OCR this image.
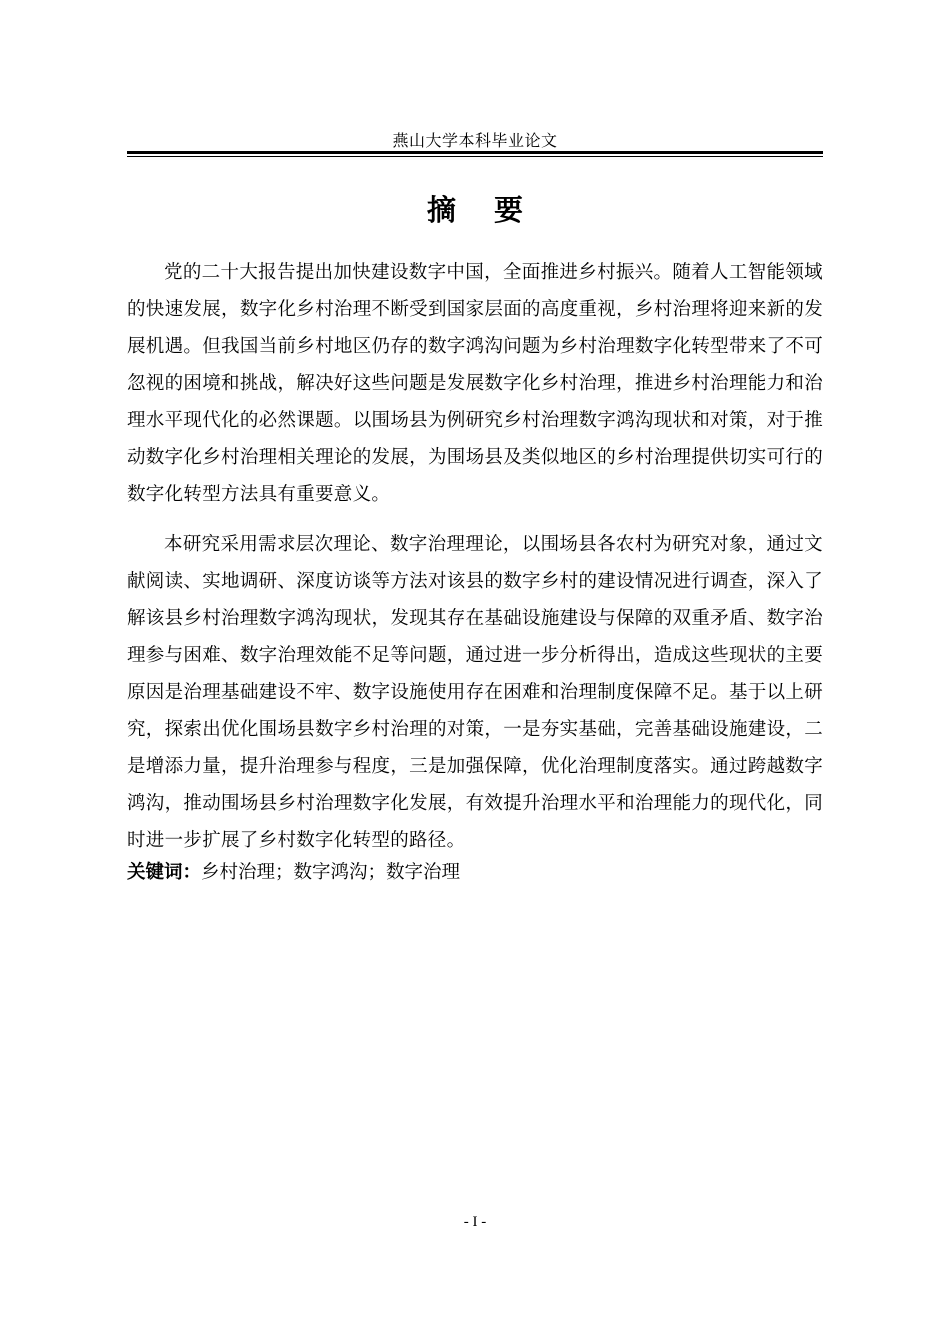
燕山大学本科毕业论文
摘 要

党的二十大报告提出加快建设数字中国，全面推进乡村振兴。随着人工智能领域的快速发展，数字化乡村治理不断受到国家层面的高度重视，乡村治理将迎来新的发展机遇。但我国当前乡村地区仍存的数字鸿沟问题为乡村治理数字化转型带来了不可忽视的困境和挑战，解决好这些问题是发展数字化乡村治理，推进乡村治理能力和治理水平现代化的必然课题。以围场县为例研究乡村治理数字鸿沟现状和对策，对于推动数字化乡村治理相关理论的发展，为围场县及类似地区的乡村治理提供切实可行的数字化转型方法具有重要意义。

本研究采用需求层次理论、数字治理理论，以围场县各农村为研究对象，通过文献阅读、实地调研、深度访谈等方法对该县的数字乡村的建设情况进行调查，深入了解该县乡村治理数字鸿沟现状，发现其存在基础设施建设与保障的双重矛盾、数字治理参与困难、数字治理效能不足等问题，通过进一步分析得出，造成这些现状的主要原因是治理基础建设不牢、数字设施使用存在困难和治理制度保障不足。基于以上研究，探索出优化围场县数字乡村治理的对策，一是夯实基础，完善基础设施建设，二是增添力量，提升治理参与程度，三是加强保障，优化治理制度落实。通过跨越数字鸿沟，推动围场县乡村治理数字化发展，有效提升治理水平和治理能力的现代化，同时进一步扩展了乡村数字化转型的路径。

关键词：乡村治理；数字鸿沟；数字治理
- I -
